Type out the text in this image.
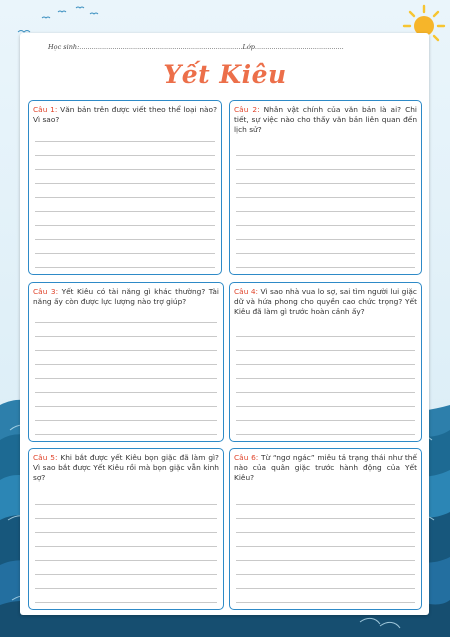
Học sinh:...............................................................................Lớp...........................................
Yết Kiêu
Câu 1: Văn bản trên được viết theo thể loại nào? Vì sao?
Câu 2: Nhân vật chính của văn bản là ai? Chi tiết, sự việc nào cho thấy văn bản liên quan đến lịch sử?
Câu 3: Yết Kiêu có tài năng gì khác thường? Tài năng ấy còn được lực lượng nào trợ giúp?
Câu 4: Vì sao nhà vua lo sợ, sai tìm người lui giặc dữ và hứa phong cho quyền cao chức trọng? Yết Kiêu đã làm gì trước hoàn cảnh ấy?
Câu 5: Khi bắt được yết Kiêu bọn giặc đã làm gì? Vì sao bắt được Yết Kiêu rồi mà bọn giặc vẫn kinh sợ?
Câu 6: Từ “ngơ ngác” miêu tả trạng thái như thế nào của quân giặc trước hành động của Yết Kiêu?
